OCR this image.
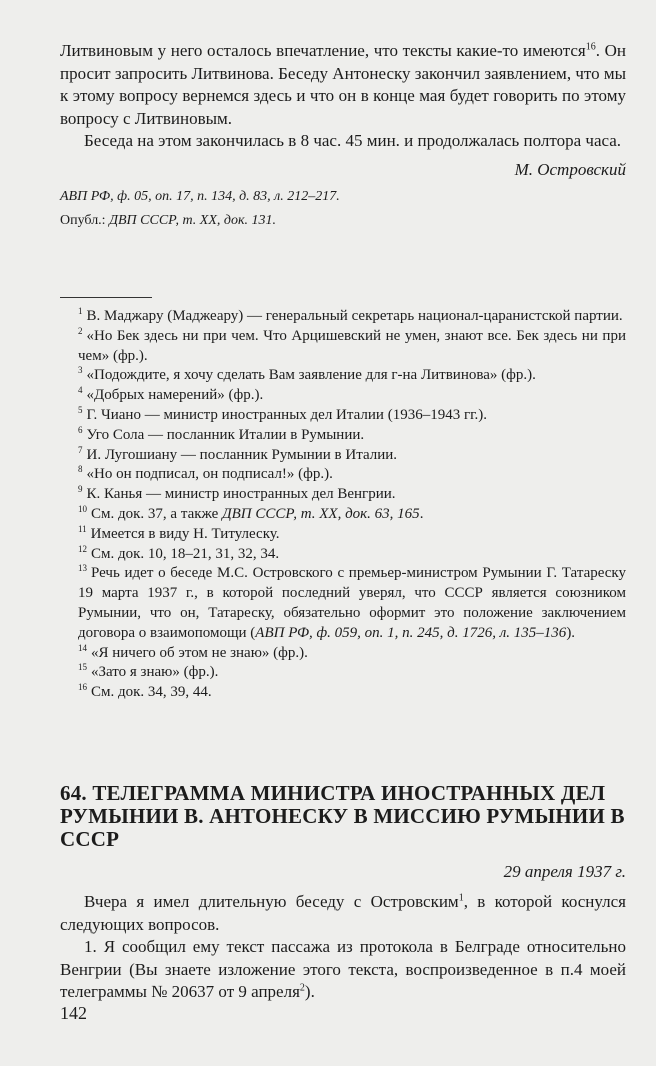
Литвиновым у него осталось впечатление, что тексты какие-то имеются$^{16}$. Он просит запросить Литвинова. Беседу Антонеску закончил заявлением, что мы к этому вопросу вернемся здесь и что он в конце мая будет говорить по этому вопросу с Литвиновым.

Беседа на этом закончилась в 8 час. 45 мин. и продолжалась полтора часа.

М. Островский

АВП РФ, ф. 05, оп. 17, п. 134, д. 83, л. 212–217.

Опубл.: ДВП СССР, т. XX, док. 131.

$^1$ В. Маджару (Маджеару) — генеральный секретарь национал-царанистской партии.

$^2$ «Но Бек здесь ни при чем. Что Арцишевский не умен, знают все. Бек здесь ни при чем» (фр.).

$^3$ «Подождите, я хочу сделать Вам заявление для г-на Литвинова» (фр.).

$^4$ «Добрых намерений» (фр.).

$^5$ Г. Чиано — министр иностранных дел Италии (1936–1943 гг.).

$^6$ Уго Сола — посланник Италии в Румынии.

$^7$ И. Лугошиану — посланник Румынии в Италии.

$^8$ «Но он подписал, он подписал!» (фр.).

$^9$ К. Канья — министр иностранных дел Венгрии.

$^{10}$ См. док. 37, а также ДВП СССР, т. XX, док. 63, 165.

$^{11}$ Имеется в виду Н. Титулеску.

$^{12}$ См. док. 10, 18–21, 31, 32, 34.

$^{13}$ Речь идет о беседе М.С. Островского с премьер-министром Румынии Г. Татареску 19 марта 1937 г., в которой последний уверял, что СССР является союзником Румынии, что он, Татареску, обязательно оформит это положение заключением договора о взаимопомощи (АВП РФ, ф. 059, оп. 1, п. 245, д. 1726, л. 135–136).

$^{14}$ «Я ничего об этом не знаю» (фр.).

$^{15}$ «Зато я знаю» (фр.).

$^{16}$ См. док. 34, 39, 44.

64. ТЕЛЕГРАММА МИНИСТРА ИНОСТРАННЫХ ДЕЛ РУМЫНИИ В. АНТОНЕСКУ В МИССИЮ РУМЫНИИ В СССР

29 апреля 1937 г.

Вчера я имел длительную беседу с Островским$^1$, в которой коснулся следующих вопросов.

1. Я сообщил ему текст пассажа из протокола в Белграде относительно Венгрии (Вы знаете изложение этого текста, воспроизведенное в п.4 моей телеграммы № 20637 от 9 апреля$^2$).

142
